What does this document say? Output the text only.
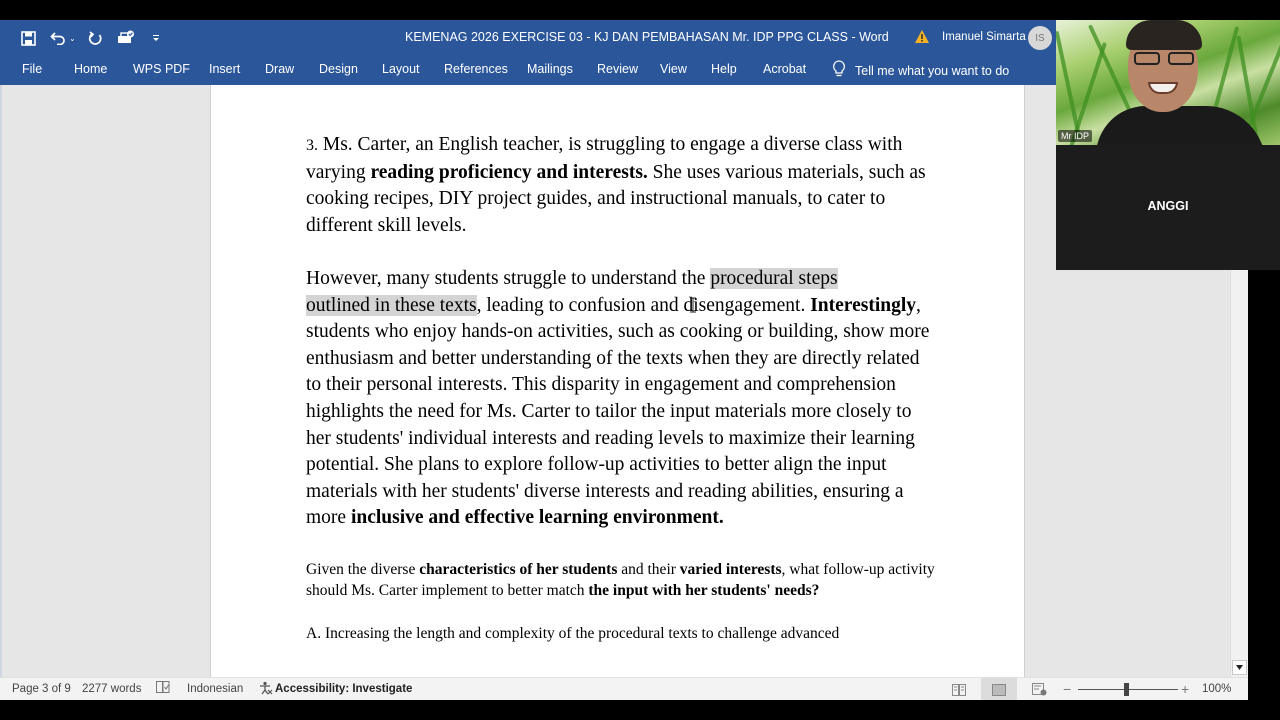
⌄	KEMENAG 2026 EXERCISE 03 - KJ DAN PEMBAHASAN Mr. IDP PPG CLASS - Word	Imanuel Simarta IS
File	Home WPS PDF Insert Draw Design Layout References Mailings Review View Help Acrobat	Tell me what you want to do

3. Ms. Carter, an English teacher, is struggling to engage a diverse class with varying reading proficiency and interests. She uses various materials, such as cooking recipes, DIY project guides, and instructional manuals, to cater to different skill levels.

However, many students struggle to understand the procedural steps
outlined in these texts, leading to confusion and disengagement. Interestingly, students who enjoy hands-on activities, such as cooking or building, show more enthusiasm and better understanding of the texts when they are directly related to their personal interests. This disparity in engagement and comprehension highlights the need for Ms. Carter to tailor the input materials more closely to her students' individual interests and reading levels to maximize their learning potential. She plans to explore follow-up activities to better align the input materials with her students' diverse interests and reading abilities, ensuring a more inclusive and effective learning environment.

Given the diverse characteristics of her students and their varied interests, what follow-up activity should Ms. Carter implement to better match the input with her students' needs?

A. Increasing the length and complexity of the procedural texts to challenge advanced

Page 3 of 9 2277 words	Indonesian	Accessibility: Investigate	−	+ 100%
Mr IDP
ANGGI
